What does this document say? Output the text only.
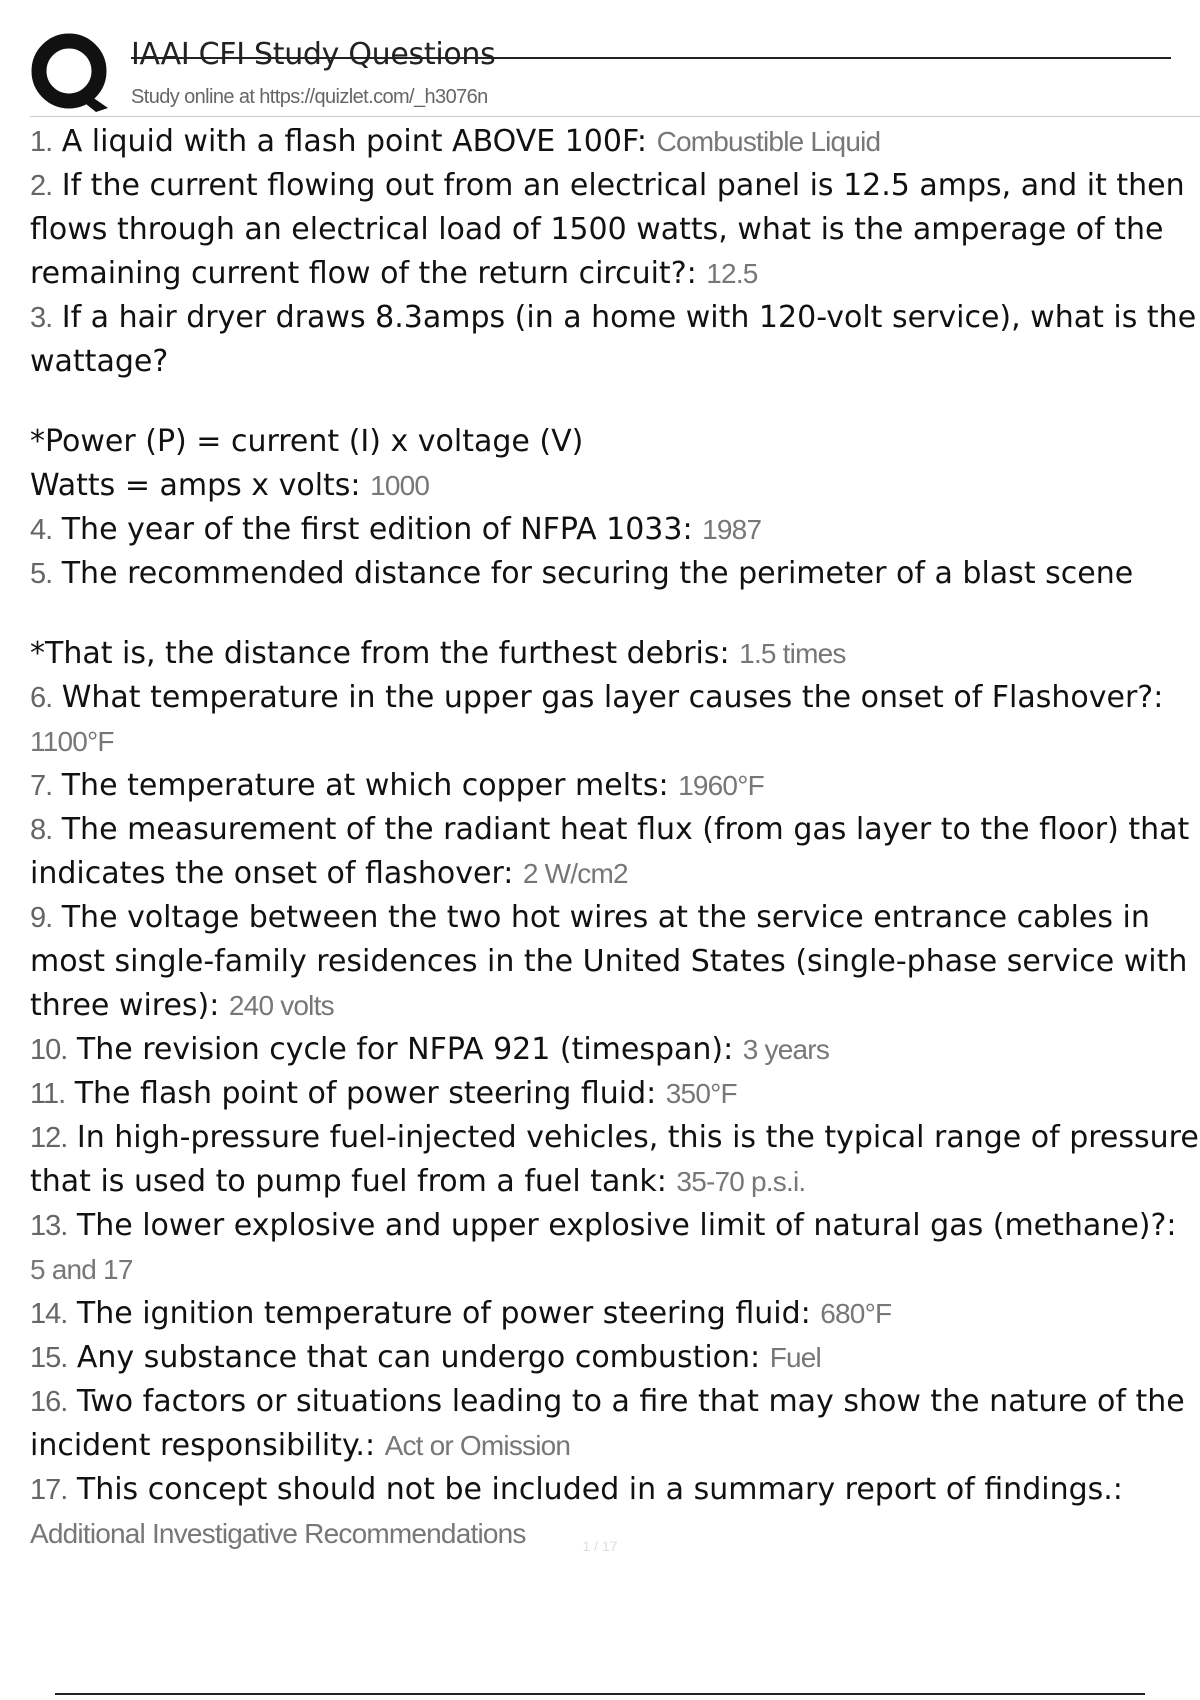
IAAI CFI Study Questions
Study online at https://quizlet.com/_h3076n
1. A liquid with a flash point ABOVE 100F: Combustible Liquid
2. If the current flowing out from an electrical panel is 12.5 amps, and it then flows through an electrical load of 1500 watts, what is the amperage of the remaining current flow of the return circuit?: 12.5
3. If a hair dryer draws 8.3amps (in a home with 120-volt service), what is the wattage?
*Power (P) = current (I) x voltage (V)
Watts = amps x volts: 1000
4. The year of the first edition of NFPA 1033: 1987
5. The recommended distance for securing the perimeter of a blast scene
*That is, the distance from the furthest debris: 1.5 times
6. What temperature in the upper gas layer causes the onset of Flashover?: 1100°F
7. The temperature at which copper melts: 1960°F
8. The measurement of the radiant heat flux (from gas layer to the floor) that indicates the onset of flashover: 2 W/cm2
9. The voltage between the two hot wires at the service entrance cables in most single-family residences in the United States (single-phase service with three wires): 240 volts
10. The revision cycle for NFPA 921 (timespan): 3 years
11. The flash point of power steering fluid: 350°F
12. In high-pressure fuel-injected vehicles, this is the typical range of pressure that is used to pump fuel from a fuel tank: 35-70 p.s.i.
13. The lower explosive and upper explosive limit of natural gas (methane)?: 5 and 17
14. The ignition temperature of power steering fluid: 680°F
15. Any substance that can undergo combustion: Fuel
16. Two factors or situations leading to a fire that may show the nature of the incident responsibility.: Act or Omission
17. This concept should not be included in a summary report of findings.: Additional Investigative Recommendations	1 / 17
